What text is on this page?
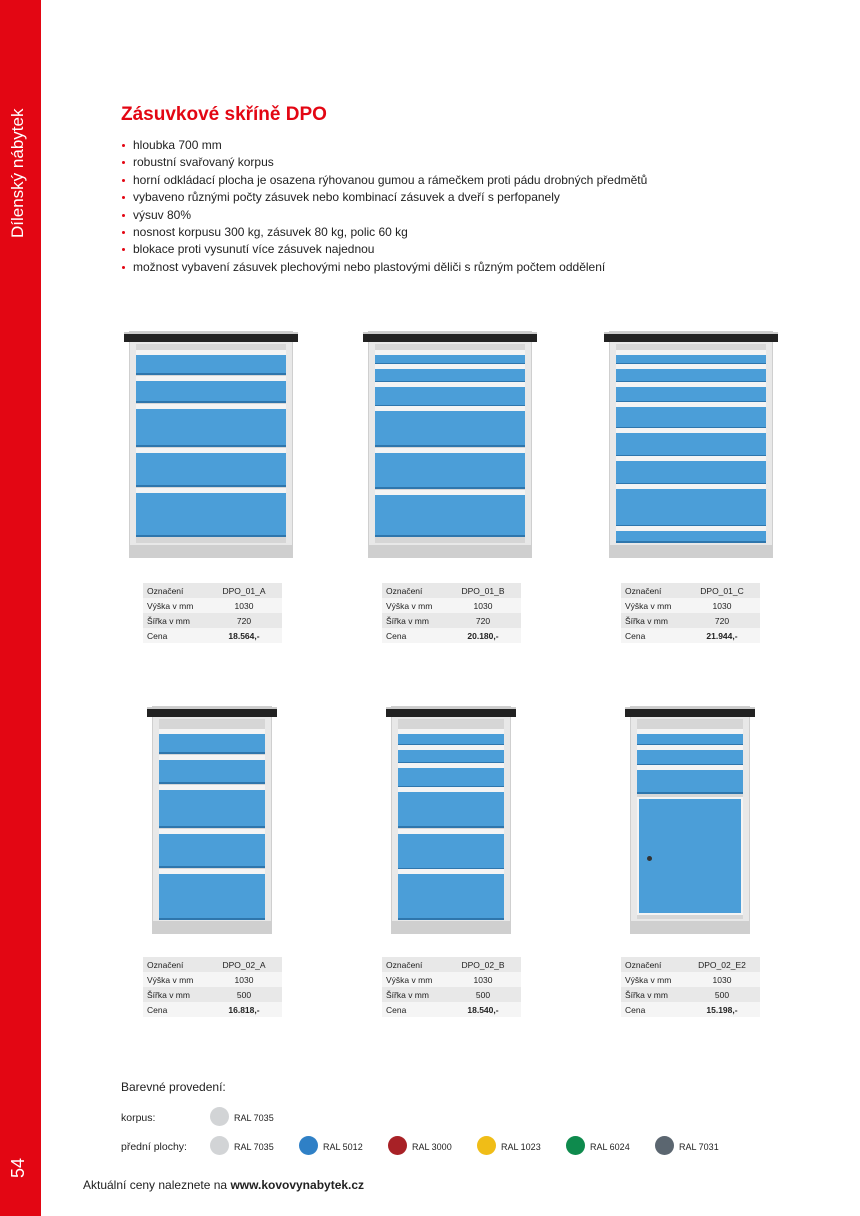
Dílenský nábytek
54
Zásuvkové skříně DPO
hloubka 700 mm
robustní svařovaný korpus
horní odkládací plocha je osazena rýhovanou gumou a rámečkem proti pádu drobných předmětů
vybaveno různými počty zásuvek nebo kombinací zásuvek a dveří s perfopanely
výsuv 80%
nosnost korpusu 300 kg, zásuvek 80 kg, polic 60 kg
blokace proti vysunutí více zásuvek najednou
možnost vybavení zásuvek plechovými nebo plastovými děliči s různým počtem oddělení
Označení	DPO_01_A
Výška v mm	1030
Šířka v mm	720
Cena	18.564,-
Označení	DPO_01_B
Výška v mm	1030
Šířka v mm	720
Cena	20.180,-
Označení	DPO_01_C
Výška v mm	1030
Šířka v mm	720
Cena	21.944,-
Označení	DPO_02_A
Výška v mm	1030
Šířka v mm	500
Cena	16.818,-
Označení	DPO_02_B
Výška v mm	1030
Šířka v mm	500
Cena	18.540,-
Označení	DPO_02_E2
Výška v mm	1030
Šířka v mm	500
Cena	15.198,-
Barevné provedení:
korpus:	RAL 7035
přední plochy:	RAL 7035	RAL 5012	RAL 3000	RAL 1023	RAL 6024	RAL 7031
Aktuální ceny naleznete na www.kovovynabytek.cz
